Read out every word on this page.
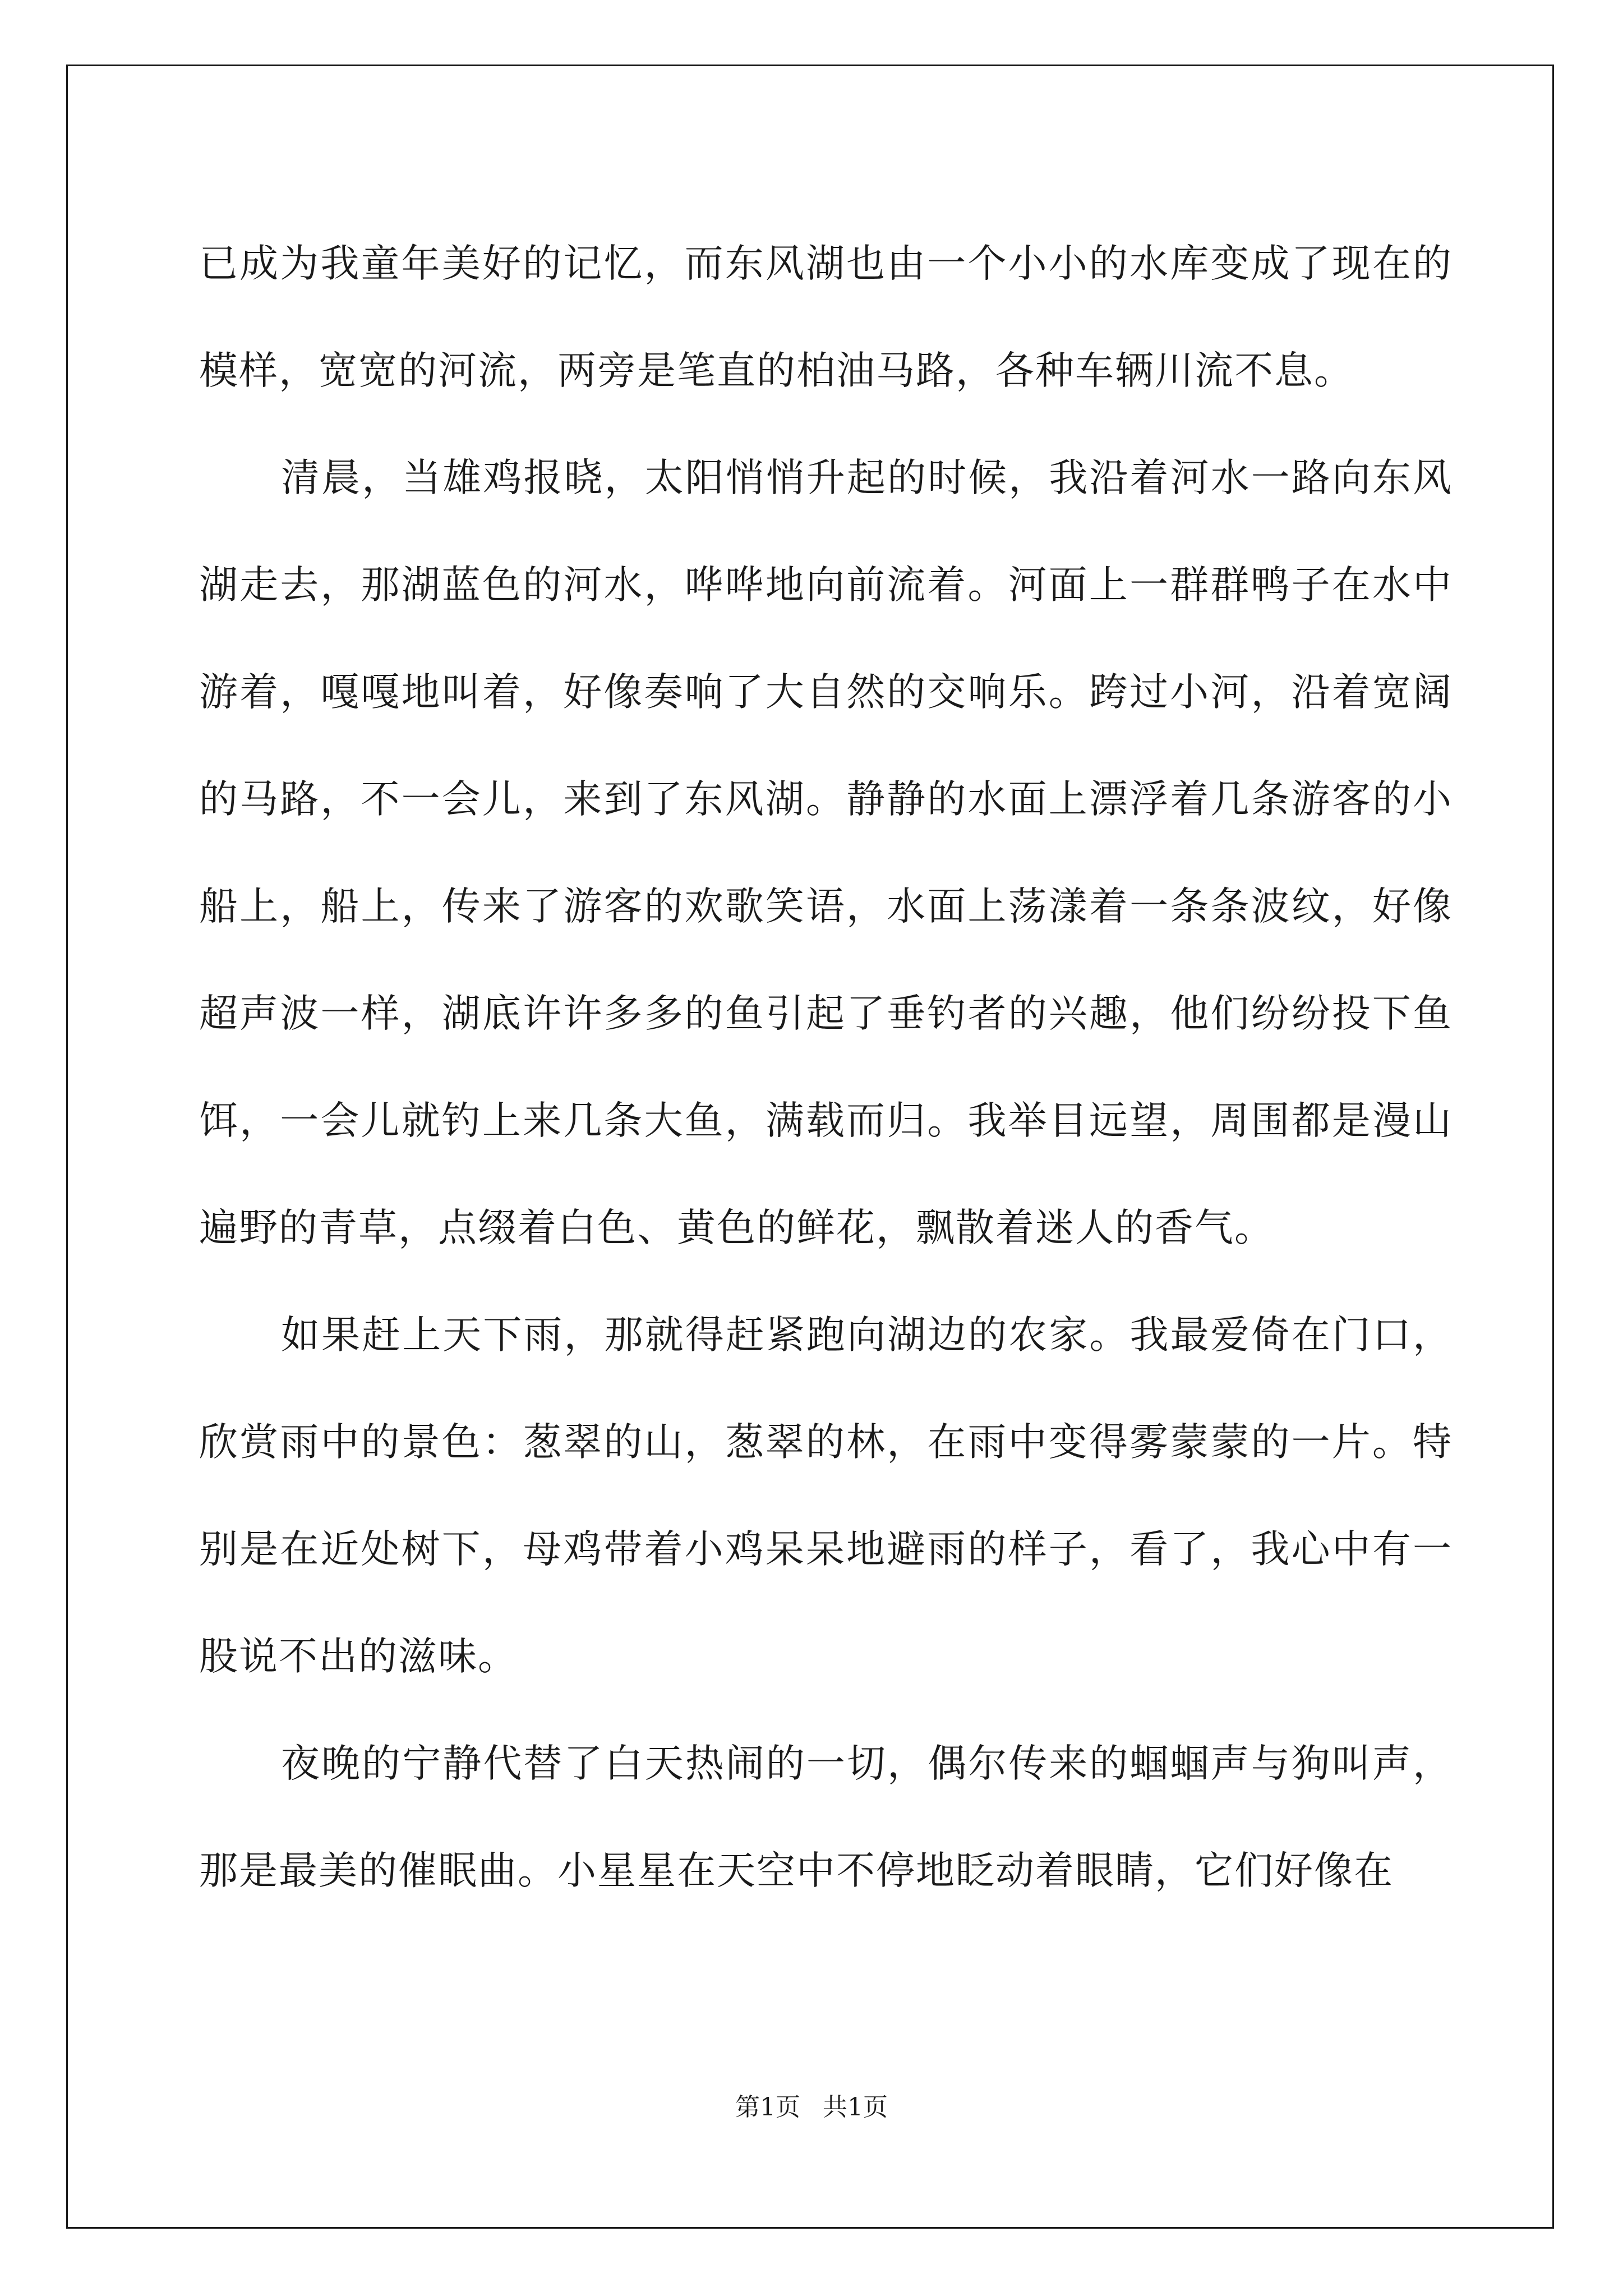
已成为我童年美好的记忆，而东风湖也由一个小小的水库变成了现在的模样，宽宽的河流，两旁是笔直的柏油马路，各种车辆川流不息。

清晨，当雄鸡报晓，太阳悄悄升起的时候，我沿着河水一路向东风湖走去，那湖蓝色的河水，哗哗地向前流着。河面上一群群鸭子在水中游着，嘎嘎地叫着，好像奏响了大自然的交响乐。跨过小河，沿着宽阔的马路，不一会儿，来到了东风湖。静静的水面上漂浮着几条游客的小船上，船上，传来了游客的欢歌笑语，水面上荡漾着一条条波纹，好像超声波一样，湖底许许多多的鱼引起了垂钓者的兴趣，他们纷纷投下鱼饵，一会儿就钓上来几条大鱼，满载而归。我举目远望，周围都是漫山遍野的青草，点缀着白色、黄色的鲜花，飘散着迷人的香气。

如果赶上天下雨，那就得赶紧跑向湖边的农家。我最爱倚在门口，欣赏雨中的景色：葱翠的山，葱翠的林，在雨中变得雾蒙蒙的一片。特别是在近处树下，母鸡带着小鸡呆呆地避雨的样子，看了，我心中有一股说不出的滋味。

夜晚的宁静代替了白天热闹的一切，偶尔传来的蝈蝈声与狗叫声，那是最美的催眠曲。小星星在天空中不停地眨动着眼睛，它们好像在

第1页 共1页
